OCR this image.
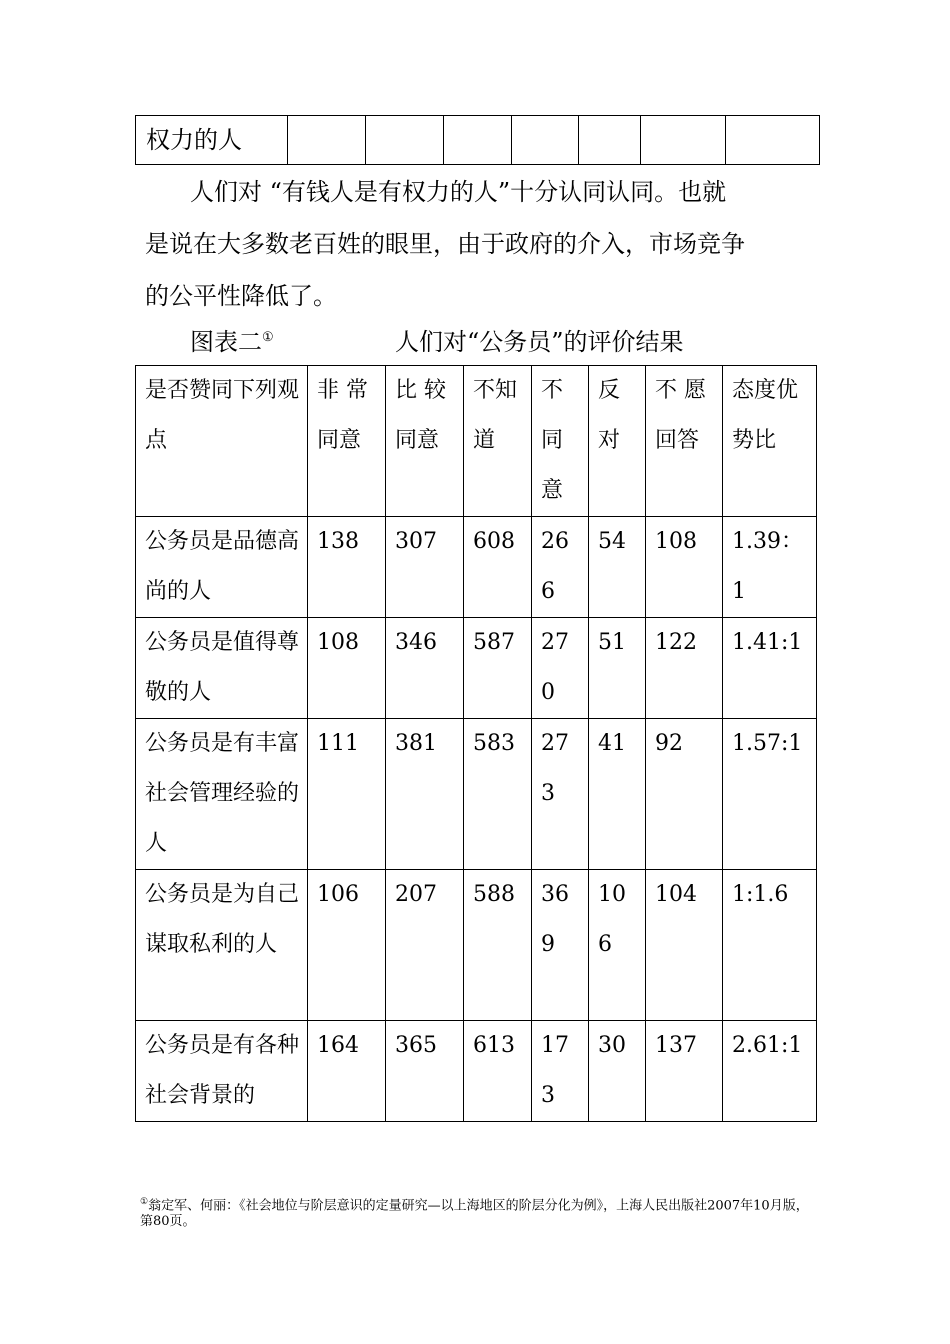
权力的人							

人们对 “有钱人是有权力的人”十分认同认同。也就

是说在大多数老百姓的眼里，由于政府的介入，市场竞争

的公平性降低了。

图表二①	人们对“公务员”的评价结果
是否赞同下列观点	非 常同意	比 较同意	不知道	不同意	反对	不 愿回答	态度优势比
公务员是品德高尚的人	138	307	608	266	54	108	1.39：1
公务员是值得尊敬的人	108	346	587	270	51	122	1.41:1
公务员是有丰富社会管理经验的人	111	381	583	273	41	92	1.57:1
公务员是为自己谋取私利的人	106	207	588	369	106	104	1:1.6
公务员是有各种社会背景的	164	365	613	173	30	137	2.61:1
①翁定军、何丽：《社会地位与阶层意识的定量研究—以上海地区的阶层分化为例》，上海人民出版社2007年10月版，第80页。
